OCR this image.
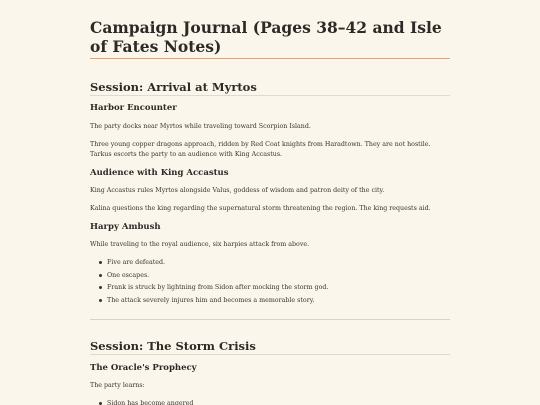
Campaign Journal (Pages 38–42 and Isle of Fates Notes)
Session: Arrival at Myrtos
Harbor Encounter

The party docks near Myrtos while traveling toward Scorpion Island.

Three young copper dragons approach, ridden by Red Coat knights from Haradtown. They are not hostile. Tarkus escorts the party to an audience with King Accastus.

Audience with King Accastus

King Accastus rules Myrtos alongside Valus, goddess of wisdom and patron deity of the city.

Kalina questions the king regarding the supernatural storm threatening the region. The king requests aid.

Harpy Ambush

While traveling to the royal audience, six harpies attack from above.

Five are defeated.
One escapes.
Frank is struck by lightning from Sidon after mocking the storm god.
The attack severely injures him and becomes a memorable story.
Session: The Storm Crisis
The Oracle's Prophecy

The party learns:

Sidon has become angered
